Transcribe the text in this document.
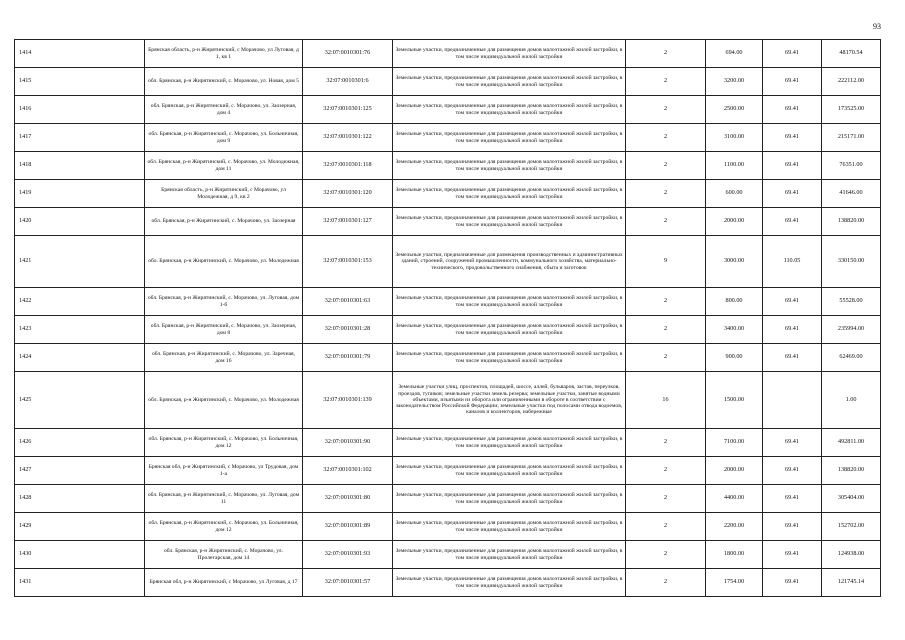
93
1414	Брянская область, р-н Жирятинский, с Морачово, ул Луговая, д 1, кв 1	32:07:0010301:76	Земельные участки, предназначенные для размещения домов малоэтажной жилой застройки, в том числе индивидуальной жилой застройки	2	694.00	69.41	48170.54
1415	обл. Брянская, р-н Жирятинский, с. Морачово, ул. Новая, дом 5	32:07:0010301:6	Земельные участки, предназначенные для размещения домов малоэтажной жилой застройки, в том числе индивидуальной жилой застройки	2	3200.00	69.41	222112.00
1416	обл. Брянская, р-н Жирятинский, с. Морачово, ул. Заозерная, дом 4	32:07:0010301:125	Земельные участки, предназначенные для размещения домов малоэтажной жилой застройки, в том числе индивидуальной жилой застройки	2	2500.00	69.41	173525.00
1417	обл. Брянская, р-н Жирятинский, с. Морачово, ул. Больничная, дом 9	32:07:0010301:122	Земельные участки, предназначенные для размещения домов малоэтажной жилой застройки, в том числе индивидуальной жилой застройки	2	3100.00	69.41	215171.00
1418	обл. Брянская, р-н Жирятинский, с. Морачово, ул. Молодежная, дом 11	32:07:0010301:118	Земельные участки, предназначенные для размещения домов малоэтажной жилой застройки, в том числе индивидуальной жилой застройки	2	1100.00	69.41	76351.00
1419	Брянская область, р-н Жирятинский, с Морачово, ул Молодежная, д 9, кв 2	32:07:0010301:120	Земельные участки, предназначенные для размещения домов малоэтажной жилой застройки, в том числе индивидуальной жилой застройки	2	600.00	69.41	41646.00
1420	обл. Брянская, р-н Жирятинский, с. Морачово, ул. Заозерная	32:07:0010301:127	Земельные участки, предназначенные для размещения домов малоэтажной жилой застройки, в том числе индивидуальной жилой застройки	2	2000.00	69.41	138820.00
1421	обл. Брянская, р-н Жирятинский, с. Морачово, ул. Молодежная	32:07:0010301:153	Земельные участки, предназначенные для размещения производственных и административных зданий, строений, сооружений промышленности, коммунального хозяйства, материально-технического, продовольственного снабжения, сбыта и заготовок	9	3000.00	110.05	330150.00
1422	обл. Брянская, р-н Жирятинский, с. Морачово, ул. Луговая, дом 1-б	32:07:0010301:63	Земельные участки, предназначенные для размещения домов малоэтажной жилой застройки, в том числе индивидуальной жилой застройки	2	800.00	69.41	55528.00
1423	обл. Брянская, р-н Жирятинский, с. Морачово, ул. Заозерная, дом 8	32:07:0010301:28	Земельные участки, предназначенные для размещения домов малоэтажной жилой застройки, в том числе индивидуальной жилой застройки	2	3400.00	69.41	235994.00
1424	обл. Брянская, р-н Жирятинский, с. Морачово, ул. Заречная, дом 16	32:07:0010301:79	Земельные участки, предназначенные для размещения домов малоэтажной жилой застройки, в том числе индивидуальной жилой застройки	2	900.00	69.41	62469.00
1425	обл. Брянская, р-н Жирятинский, с. Морачово, ул. Молодежная	32:07:0010301:139	Земельные участки улиц, проспектов, площадей, шоссе, аллей, бульваров, застав, переулков, проездов, тупиков; земельные участки земель резерва; земельные участки, занятые водными объектами, изъятыми из оборота или ограниченными в обороте в соответствии с законодательством Российской Федерации; земельные участки под полосами отвода водоемов, каналов и коллекторов, набережные	16	1500.00		1.00
1426	обл. Брянская, р-н Жирятинский, с. Морачово, ул. Больничная, дом 12	32:07:0010301:90	Земельные участки, предназначенные для размещения домов малоэтажной жилой застройки, в том числе индивидуальной жилой застройки	2	7100.00	69.41	492811.00
1427	Брянская обл, р-н Жирятинский, с Морачово, ул Трудовая, дом 1-а	32:07:0010301:102	Земельные участки, предназначенные для размещения домов малоэтажной жилой застройки, в том числе индивидуальной жилой застройки	2	2000.00	69.41	138820.00
1428	обл. Брянская, р-н Жирятинский, с. Морачово, ул. Луговая, дом 11	32:07:0010301:80	Земельные участки, предназначенные для размещения домов малоэтажной жилой застройки, в том числе индивидуальной жилой застройки	2	4400.00	69.41	305404.00
1429	обл. Брянская, р-н Жирятинский, с. Морачово, ул. Больничная, дом 12	32:07:0010301:89	Земельные участки, предназначенные для размещения домов малоэтажной жилой застройки, в том числе индивидуальной жилой застройки	2	2200.00	69.41	152702.00
1430	обл. Брянская, р-н Жирятинский, с. Морачово, ул. Пролетарская, дом 14	32:07:0010301:93	Земельные участки, предназначенные для размещения домов малоэтажной жилой застройки, в том числе индивидуальной жилой застройки	2	1800.00	69.41	124938.00
1431	Брянская обл, р-н Жирятинский, с Морачово, ул Луговая, д 17	32:07:0010301:57	Земельные участки, предназначенные для размещения домов малоэтажной жилой застройки, в том числе индивидуальной жилой застройки	2	1754.00	69.41	121745.14
